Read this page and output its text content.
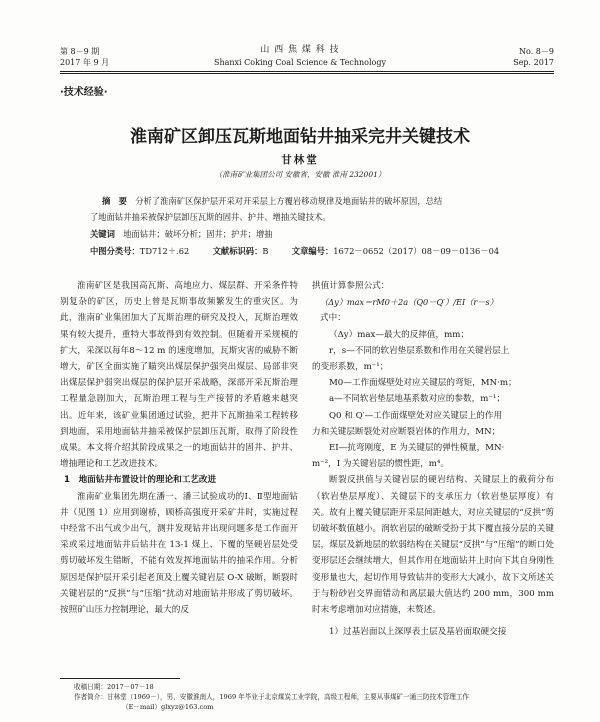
第 8－9 期
2017 年 9 月
山 西 焦 煤 科 技
Shanxi Coking Coal Science & Technology
No. 8－9
Sep. 2017
·技术经验·
淮南矿区卸压瓦斯地面钻井抽采完井关键技术
甘林堂
（淮南矿业集团公司 安徽省，安徽 淮南 232001）
摘　要　 分析了淮南矿区保护层开采对开采层上方覆岩移动规律及地面钻井的破坏原因，总结
了地面钻井抽采被保护层卸压瓦斯的固井、护井、增抽关键技术。
关键词　 地面钻井；破坏分析；固井；护井；增抽
中图分类号：TD712＋.62	文献标识码：B	文章编号：1672－0652（2017）08－09－0136－04

淮南矿区是我国高瓦斯、高地应力、煤层群、开采条件特别复杂的矿区，历史上曾是瓦斯事故频繁发生的重灾区。为此，淮南矿业集团加大了瓦斯治理的研究及投入，瓦斯治理效果有较大提升，重特大事故得到有效控制。但随着开采规模的扩大，采深以每年8～12 m 的速度增加，瓦斯灾害的威胁不断增大，矿区全面实施了瞄突出煤层保护强突出煤层、局部非突出煤层保护弱突出煤层的保护层开采战略，深部开采瓦斯治理工程量急剧加大，瓦斯治理工程与生产接替的矛盾越来越突出。近年来，该矿业集团通过试验，把井下瓦斯抽采工程转移到地面，采用地面钻井抽采被保护层卸压瓦斯，取得了阶段性成果。本文将介绍其阶段成果之一的地面钻井的固井、护井、增抽理论和工艺改进技术。

1　地面钻井布置设计的理论和工艺改进

淮南矿业集团先期在潘一、潘三试验成功的Ⅰ、Ⅱ型地面钻井（见图 1）应用到谢桥，顾桥高强度开采矿井时，实施过程中经常不出气或少出气，测井发现钻井出现问题多是工作面开采或采过地面钻井后钻井在 13-1 煤上、下覆的坚硬岩层处受剪切破坏发生错断，不能有效发挥地面钻井的抽采作用。分析原因是保护层开采引起老顶及上覆关键岩层 O-X 破断，断裂时关键岩层的“反拱”与“压缩”扰动对地面钻井形成了剪切破坏。按照矿山压力控制理论，最大的反

拱值计算参照公式：

（Δy）max＝rM0＋2a（Q0－Q′）/EI（r－s）

式中：

（Δy）max—最大的反摔值，mm；

r，s—不同的软岩垫层系数和作用在关键岩层上

的变形系数，m⁻¹；

M0—工作面煤壁处对应关键层的弯矩，MN·m；

a—不同软岩垫层地基系数对应的参数，m⁻¹；

Q0 和 Q′—工作面煤壁处对应关键层上的作用

力和关键层断裂处对应断裂岩体的作用力，MN；

EI—抗弯刚度，E 为关键层的弹性模量，MN·

m⁻²，I 为关键岩层的惯性距，m⁴。

断裂反拱值与关键岩层的硬岩结构、关键层上的截荷分布（软岩垫层厚度）、关键层下的支承压力（软岩垫层厚度）有关。故有上覆关键层距开采层间距越大，对应关键层的“反拱”剪切破坏数值越小。润软岩层的破断受扮于其下覆直接分层的关键层，煤层及新地层的软弱结构在关键层“反拱”与“压缩”的断口处变形层还会继续增大，但其作用在地面钻井上时向下其自身刚性变形量也大，起切作用导致钻井的变形大大减小，故下文所述关于与粉砂岩交界面错动和离层最大值达约 200 mm，300 mm 时末考虑增加对应措施，未赘述。

1）过基岩面以上深厚表土层及基岩面取硬交接

收稿日期：2017－07－18
作者简介：甘林堂（1969－），男，安徽淮南人，1969 年毕业于北京煤炭工业学院，高级工程师，主要从事煤矿一通三防技术管理工作
（E－mail）glxyz@163.com
